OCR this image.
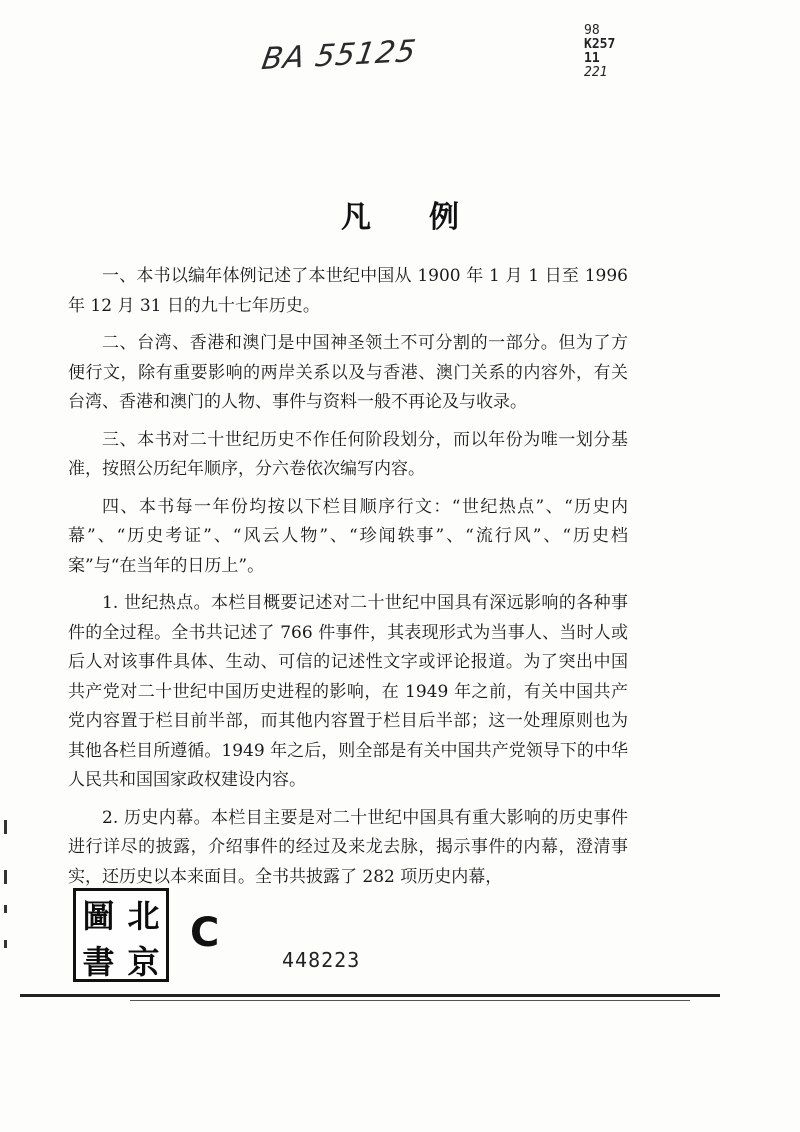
BA 55125
98
K257
11
221
凡例

一、本书以编年体例记述了本世纪中国从 1900 年 1 月 1 日至 1996 年 12 月 31 日的九十七年历史。

二、台湾、香港和澳门是中国神圣领土不可分割的一部分。但为了方便行文，除有重要影响的两岸关系以及与香港、澳门关系的内容外，有关台湾、香港和澳门的人物、事件与资料一般不再论及与收录。

三、本书对二十世纪历史不作任何阶段划分，而以年份为唯一划分基准，按照公历纪年顺序，分六卷依次编写内容。

四、本书每一年份均按以下栏目顺序行文：“世纪热点”、“历史内幕”、“历史考证”、“风云人物”、“珍闻轶事”、“流行风”、“历史档案”与“在当年的日历上”。

1. 世纪热点。本栏目概要记述对二十世纪中国具有深远影响的各种事件的全过程。全书共记述了 766 件事件，其表现形式为当事人、当时人或后人对该事件具体、生动、可信的记述性文字或评论报道。为了突出中国共产党对二十世纪中国历史进程的影响，在 1949 年之前，有关中国共产党内容置于栏目前半部，而其他内容置于栏目后半部；这一处理原则也为其他各栏目所遵循。1949 年之后，则全部是有关中国共产党领导下的中华人民共和国国家政权建设内容。

2. 历史内幕。本栏目主要是对二十世纪中国具有重大影响的历史事件进行详尽的披露，介绍事件的经过及来龙去脉，揭示事件的内幕，澄清事实，还历史以本来面目。全书共披露了 282 项历史内幕，

圖 北
書 京
C
448223
